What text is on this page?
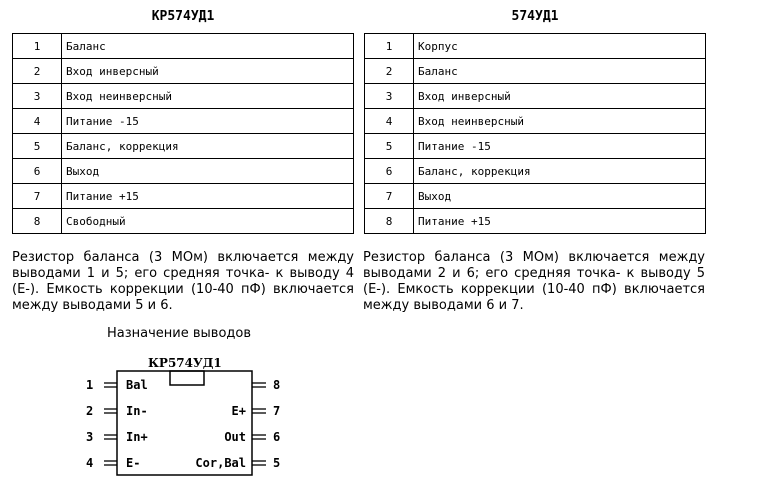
КР574УД1	574УД1
1	Баланс
2	Вход инверсный
3	Вход неинверсный
4	Питание -15
5	Баланс, коррекция
6	Выход
7	Питание +15
8	Свободный
1	Корпус
2	Баланс
3	Вход инверсный
4	Вход неинверсный
5	Питание -15
6	Баланс, коррекция
7	Выход
8	Питание +15
Резистор баланса (3 МОм) включается между выводами 1 и 5; его средняя точка- к выводу 4 (Е-). Емкость коррекции (10-40 пФ) включается между выводами 5 и 6.
Резистор баланса (3 МОм) включается между выводами 2 и 6; его средняя точка- к выводу 5 (Е-). Емкость коррекции (10-40 пФ) включается между выводами 6 и 7.
Назначение выводов
КР574УД1
1	Bal
2	In-
3	In+
4	E-
8
7
E+
6
Out
5
Cor,Bal
